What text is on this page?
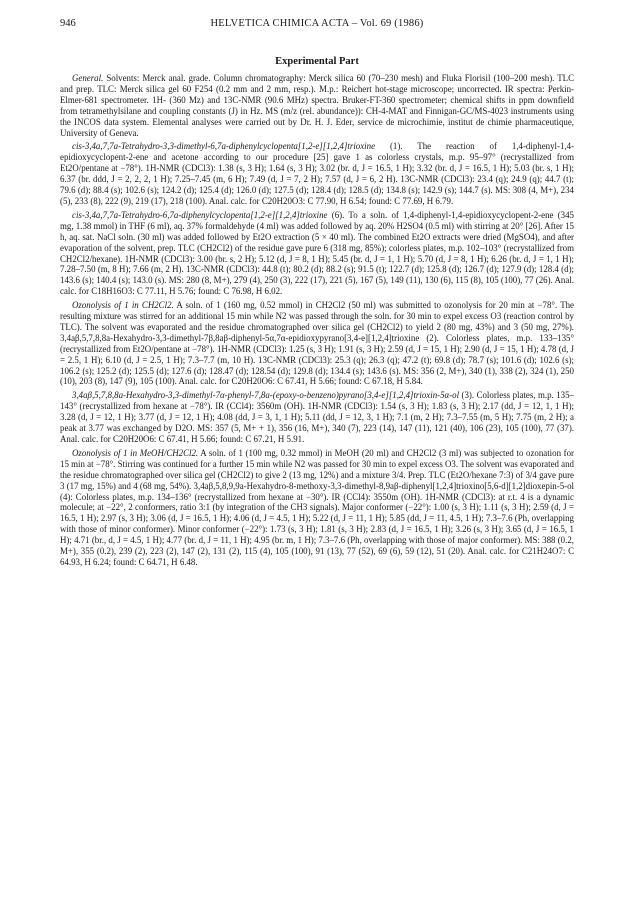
946	HELVETICA CHIMICA ACTA – Vol. 69 (1986)
Experimental Part

General. Solvents: Merck anal. grade. Column chromatography: Merck silica 60 (70–230 mesh) and Fluka Florisil (100–200 mesh). TLC and prep. TLC: Merck silica gel 60 F254 (0.2 mm and 2 mm, resp.). M.p.: Reichert hot-stage microscope; uncorrected. IR spectra: Perkin-Elmer-681 spectrometer. 1H- (360 Mz) and 13C-NMR (90.6 MHz) spectra. Bruker-FT-360 spectrometer; chemical shifts in ppm downfield from tetramethylsilane and coupling constants (J) in Hz. MS (m/z (rel. abundance)): CH-4-MAT and Finnigan-GC/MS-4023 instruments using the INCOS data system. Elemental analyses were carried out by Dr. H. J. Eder, service de microchimie, institut de chimie pharmaceutique, University of Geneva.

cis-3,4a,7,7a-Tetrahydro-3,3-dimethyl-6,7a-diphenylcyclopenta[1,2-e][1,2,4]trioxine (1). The reaction of 1,4-diphenyl-1,4-epidioxycyclopent-2-ene and acetone according to our procedure [25] gave 1 as colorless crystals, m.p. 95–97° (recrystallized from Et2O/pentane at −78°). 1H-NMR (CDCl3): 1.38 (s, 3 H); 1.64 (s, 3 H); 3.02 (br. d, J = 16.5, 1 H); 3.32 (br. d, J = 16.5, 1 H); 5.03 (br. s, 1 H); 6.37 (br. ddd, J = 2, 2, 2, 1 H); 7.25–7.45 (m, 6 H); 7.49 (d, J = 7, 2 H); 7.57 (d, J = 6, 2 H). 13C-NMR (CDCl3): 23.4 (q); 24.9 (q); 44.7 (t); 79.6 (d); 88.4 (s); 102.6 (s); 124.2 (d); 125.4 (d); 126.0 (d); 127.5 (d); 128.4 (d); 128.5 (d); 134.8 (s); 142.9 (s); 144.7 (s). MS: 308 (4, M+), 234 (5), 233 (8), 222 (9), 219 (17), 218 (100). Anal. calc. for C20H20O3: C 77.90, H 6.54; found: C 77.69, H 6.79.

cis-3,4a,7,7a-Tetrahydro-6,7a-diphenylcyclopenta[1,2-e][1,2,4]trioxine (6). To a soln. of 1,4-diphenyl-1,4-epidioxycyclopent-2-ene (345 mg, 1.38 mmol) in THF (6 ml), aq. 37% formaldehyde (4 ml) was added followed by aq. 20% H2SO4 (0.5 ml) with stirring at 20° [26]. After 15 h, aq. sat. NaCl soln. (30 ml) was added followed by Et2O extraction (5 × 40 ml). The combined Et2O extracts were dried (MgSO4), and after evaporation of the solvent, prep. TLC (CH2Cl2) of the residue gave pure 6 (318 mg, 85%); colorless plates, m.p. 102–103° (recrystallized from CH2Cl2/hexane). 1H-NMR (CDCl3): 3.00 (br. s, 2 H); 5.12 (d, J = 8, 1 H); 5.45 (br. d, J = 1, 1 H); 5.70 (d, J = 8, 1 H); 6.26 (br. d, J = 1, 1 H); 7.28–7.50 (m, 8 H); 7.66 (m, 2 H). 13C-NMR (CDCl3): 44.8 (t); 80.2 (d); 88.2 (s); 91.5 (t); 122.7 (d); 125.8 (d); 126.7 (d); 127.9 (d); 128.4 (d); 143.6 (s); 140.4 (s); 143.0 (s). MS: 280 (8, M+), 279 (4), 250 (3), 222 (17), 221 (5), 167 (5), 149 (11), 130 (6), 115 (8), 105 (100), 77 (26). Anal. calc. for C18H16O3: C 77.11, H 5.76; found: C 76.98, H 6.02.

Ozonolysis of 1 in CH2Cl2. A soln. of 1 (160 mg, 0.52 mmol) in CH2Cl2 (50 ml) was submitted to ozonolysis for 20 min at −78°. The resulting mixture was stirred for an additional 15 min while N2 was passed through the soln. for 30 min to expel excess O3 (reaction control by TLC). The solvent was evaporated and the residue chromatographed over silica gel (CH2Cl2) to yield 2 (80 mg, 43%) and 3 (50 mg, 27%). 3,4aβ,5,7,8,8a-Hexahydro-3,3-dimethyl-7β,8aβ-diphenyl-5α,7α-epidioxypyrano[3,4-e][1,2,4]trioxine (2). Colorless plates, m.p. 133–135° (recrystallized from Et2O/pentane at −78°). 1H-NMR (CDCl3): 1.25 (s, 3 H); 1.91 (s, 3 H); 2.59 (d, J = 15, 1 H); 2.90 (d, J = 15, 1 H); 4.78 (d, J = 2.5, 1 H); 6.10 (d, J = 2.5, 1 H); 7.3–7.7 (m, 10 H). 13C-NMR (CDCl3): 25.3 (q); 26.3 (q); 47.2 (t); 69.8 (d); 78.7 (s); 101.6 (d); 102.6 (s); 106.2 (s); 125.2 (d); 125.5 (d); 127.6 (d); 128.47 (d); 128.54 (d); 129.8 (d); 134.4 (s); 143.6 (s). MS: 356 (2, M+), 340 (1), 338 (2), 324 (1), 250 (10), 203 (8), 147 (9), 105 (100). Anal. calc. for C20H20O6: C 67.41, H 5.66; found: C 67.18, H 5.84.

3,4aβ,5,7,8,8a-Hexahydro-3,3-dimethyl-7α-phenyl-7,8a-(epoxy-o-benzeno)pyrano[3,4-e][1,2,4]trioxin-5α-ol (3). Colorless plates, m.p. 135–143° (recrystallized from hexane at −78°). IR (CCl4): 3560m (OH). 1H-NMR (CDCl3): 1.54 (s, 3 H); 1.83 (s, 3 H); 2.17 (dd, J = 12, 1, 1 H); 3.28 (d, J = 12, 1 H); 3.77 (d, J = 12, 1 H); 4.08 (dd, J = 3, 1, 1 H); 5.11 (dd, J = 12, 3, 1 H); 7.1 (m, 2 H); 7.3–7.55 (m, 5 H); 7.75 (m, 2 H); a peak at 3.77 was exchanged by D2O. MS: 357 (5, M+ + 1), 356 (16, M+), 340 (7), 223 (14), 147 (11), 121 (40), 106 (23), 105 (100), 77 (37). Anal. calc. for C20H20O6: C 67.41, H 5.66; found: C 67.21, H 5.91.

Ozonolysis of 1 in MeOH/CH2Cl2. A soln. of 1 (100 mg, 0.32 mmol) in MeOH (20 ml) and CH2Cl2 (3 ml) was subjected to ozonation for 15 min at −78°. Stirring was continued for a further 15 min while N2 was passed for 30 min to expel excess O3. The solvent was evaporated and the residue chromatographed over silica gel (CH2Cl2) to give 2 (13 mg, 12%) and a mixture 3/4. Prep. TLC (Et2O/hexane 7:3) of 3/4 gave pure 3 (17 mg, 15%) and 4 (68 mg, 54%). 3,4aβ,5,8,9,9a-Hexahydro-8-methoxy-3,3-dimethyl-8,9aβ-diphenyl[1,2,4]trioxino[5,6-d][1,2]dioxepin-5-ol (4): Colorless plates, m.p. 134–136° (recrystallized from hexane at −30°). IR (CCl4): 3550m (OH). 1H-NMR (CDCl3): at r.t. 4 is a dynamic molecule; at −22°, 2 conformers, ratio 3:1 (by integration of the CH3 signals). Major conformer (−22°): 1.00 (s, 3 H); 1.11 (s, 3 H); 2.59 (d, J = 16.5, 1 H); 2.97 (s, 3 H); 3.06 (d, J = 16.5, 1 H); 4.06 (d, J = 4.5, 1 H); 5.22 (d, J = 11, 1 H); 5.85 (dd, J = 11, 4.5, 1 H); 7.3–7.6 (Ph, overlapping with those of minor conformer). Minor conformer (−22°): 1.73 (s, 3 H); 1.81 (s, 3 H); 2.83 (d, J = 16.5, 1 H); 3.26 (s, 3 H); 3.65 (d, J = 16.5, 1 H); 4.71 (br., d, J = 4.5, 1 H); 4.77 (br. d, J = 11, 1 H); 4.95 (br. m, 1 H); 7.3–7.6 (Ph, overlapping with those of major conformer). MS: 388 (0.2, M+), 355 (0.2), 239 (2), 223 (2), 147 (2), 131 (2), 115 (4), 105 (100), 91 (13), 77 (52), 69 (6), 59 (12), 51 (20). Anal. calc. for C21H24O7: C 64.93, H 6.24; found: C 64.71, H 6.48.
